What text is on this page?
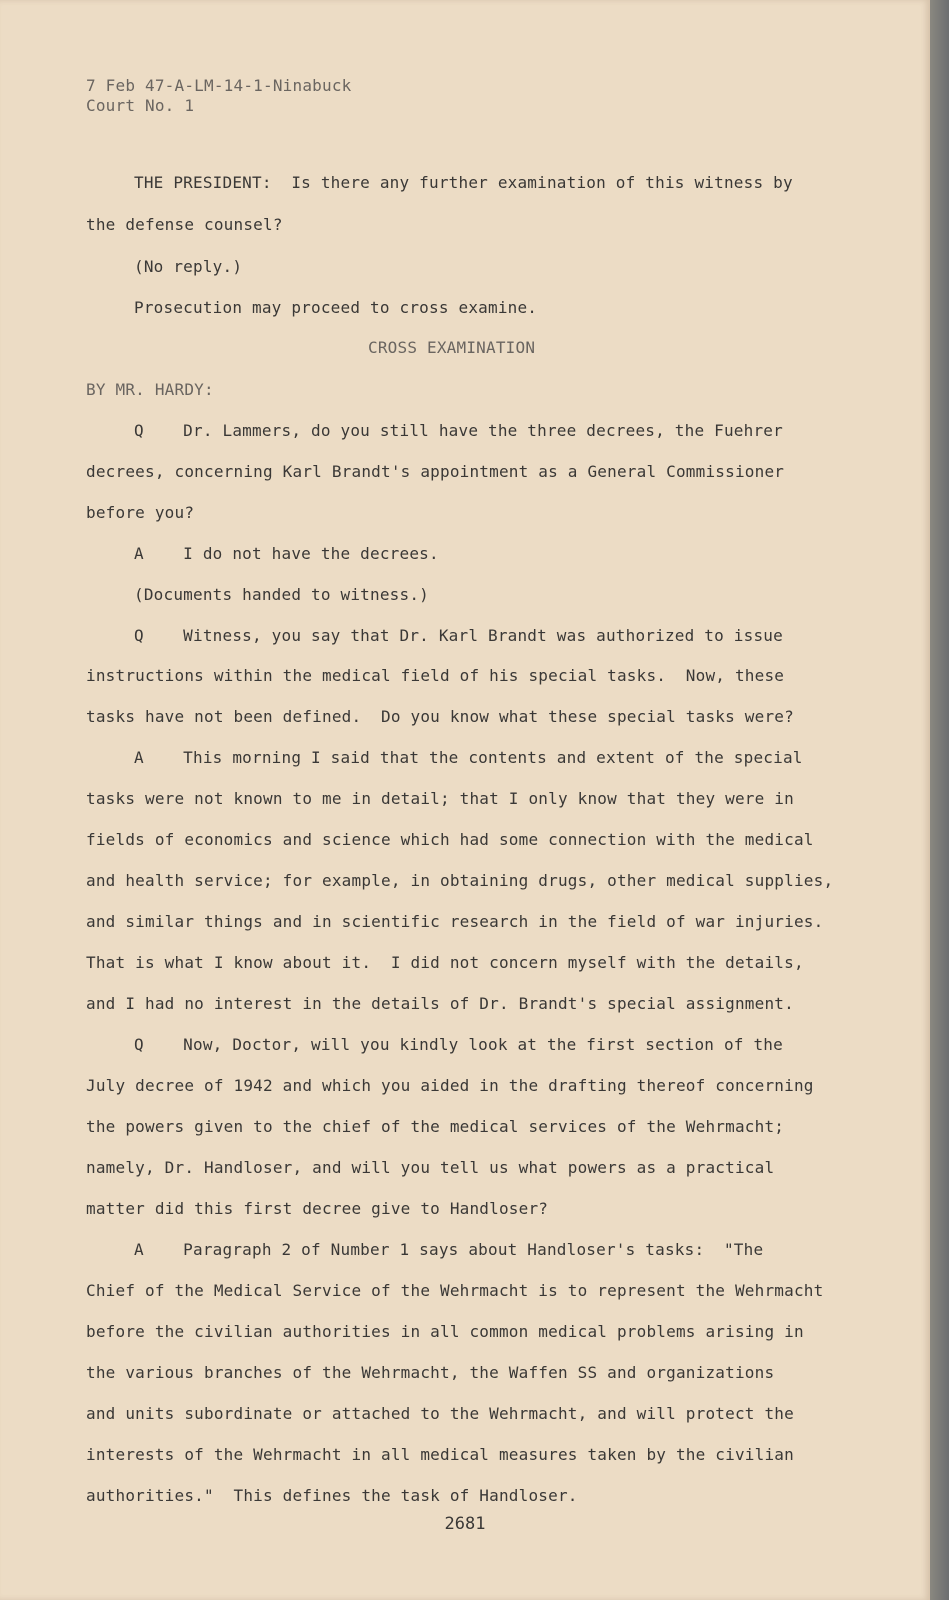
7 Feb 47-A-LM-14-1-Ninabuck
Court No. 1
THE PRESIDENT:  Is there any further examination of this witness by
the defense counsel?
(No reply.)
Prosecution may proceed to cross examine.
CROSS EXAMINATION
BY MR. HARDY:
Q    Dr. Lammers, do you still have the three decrees, the Fuehrer
decrees, concerning Karl Brandt's appointment as a General Commissioner
before you?
A    I do not have the decrees.
(Documents handed to witness.)
Q    Witness, you say that Dr. Karl Brandt was authorized to issue
instructions within the medical field of his special tasks.  Now, these
tasks have not been defined.  Do you know what these special tasks were?
A    This morning I said that the contents and extent of the special
tasks were not known to me in detail; that I only know that they were in
fields of economics and science which had some connection with the medical
and health service; for example, in obtaining drugs, other medical supplies,
and similar things and in scientific research in the field of war injuries.
That is what I know about it.  I did not concern myself with the details,
and I had no interest in the details of Dr. Brandt's special assignment.
Q    Now, Doctor, will you kindly look at the first section of the
July decree of 1942 and which you aided in the drafting thereof concerning
the powers given to the chief of the medical services of the Wehrmacht;
namely, Dr. Handloser, and will you tell us what powers as a practical
matter did this first decree give to Handloser?
A    Paragraph 2 of Number 1 says about Handloser's tasks:  "The
Chief of the Medical Service of the Wehrmacht is to represent the Wehrmacht
before the civilian authorities in all common medical problems arising in
the various branches of the Wehrmacht, the Waffen SS and organizations
and units subordinate or attached to the Wehrmacht, and will protect the
interests of the Wehrmacht in all medical measures taken by the civilian
authorities."  This defines the task of Handloser.
2681
